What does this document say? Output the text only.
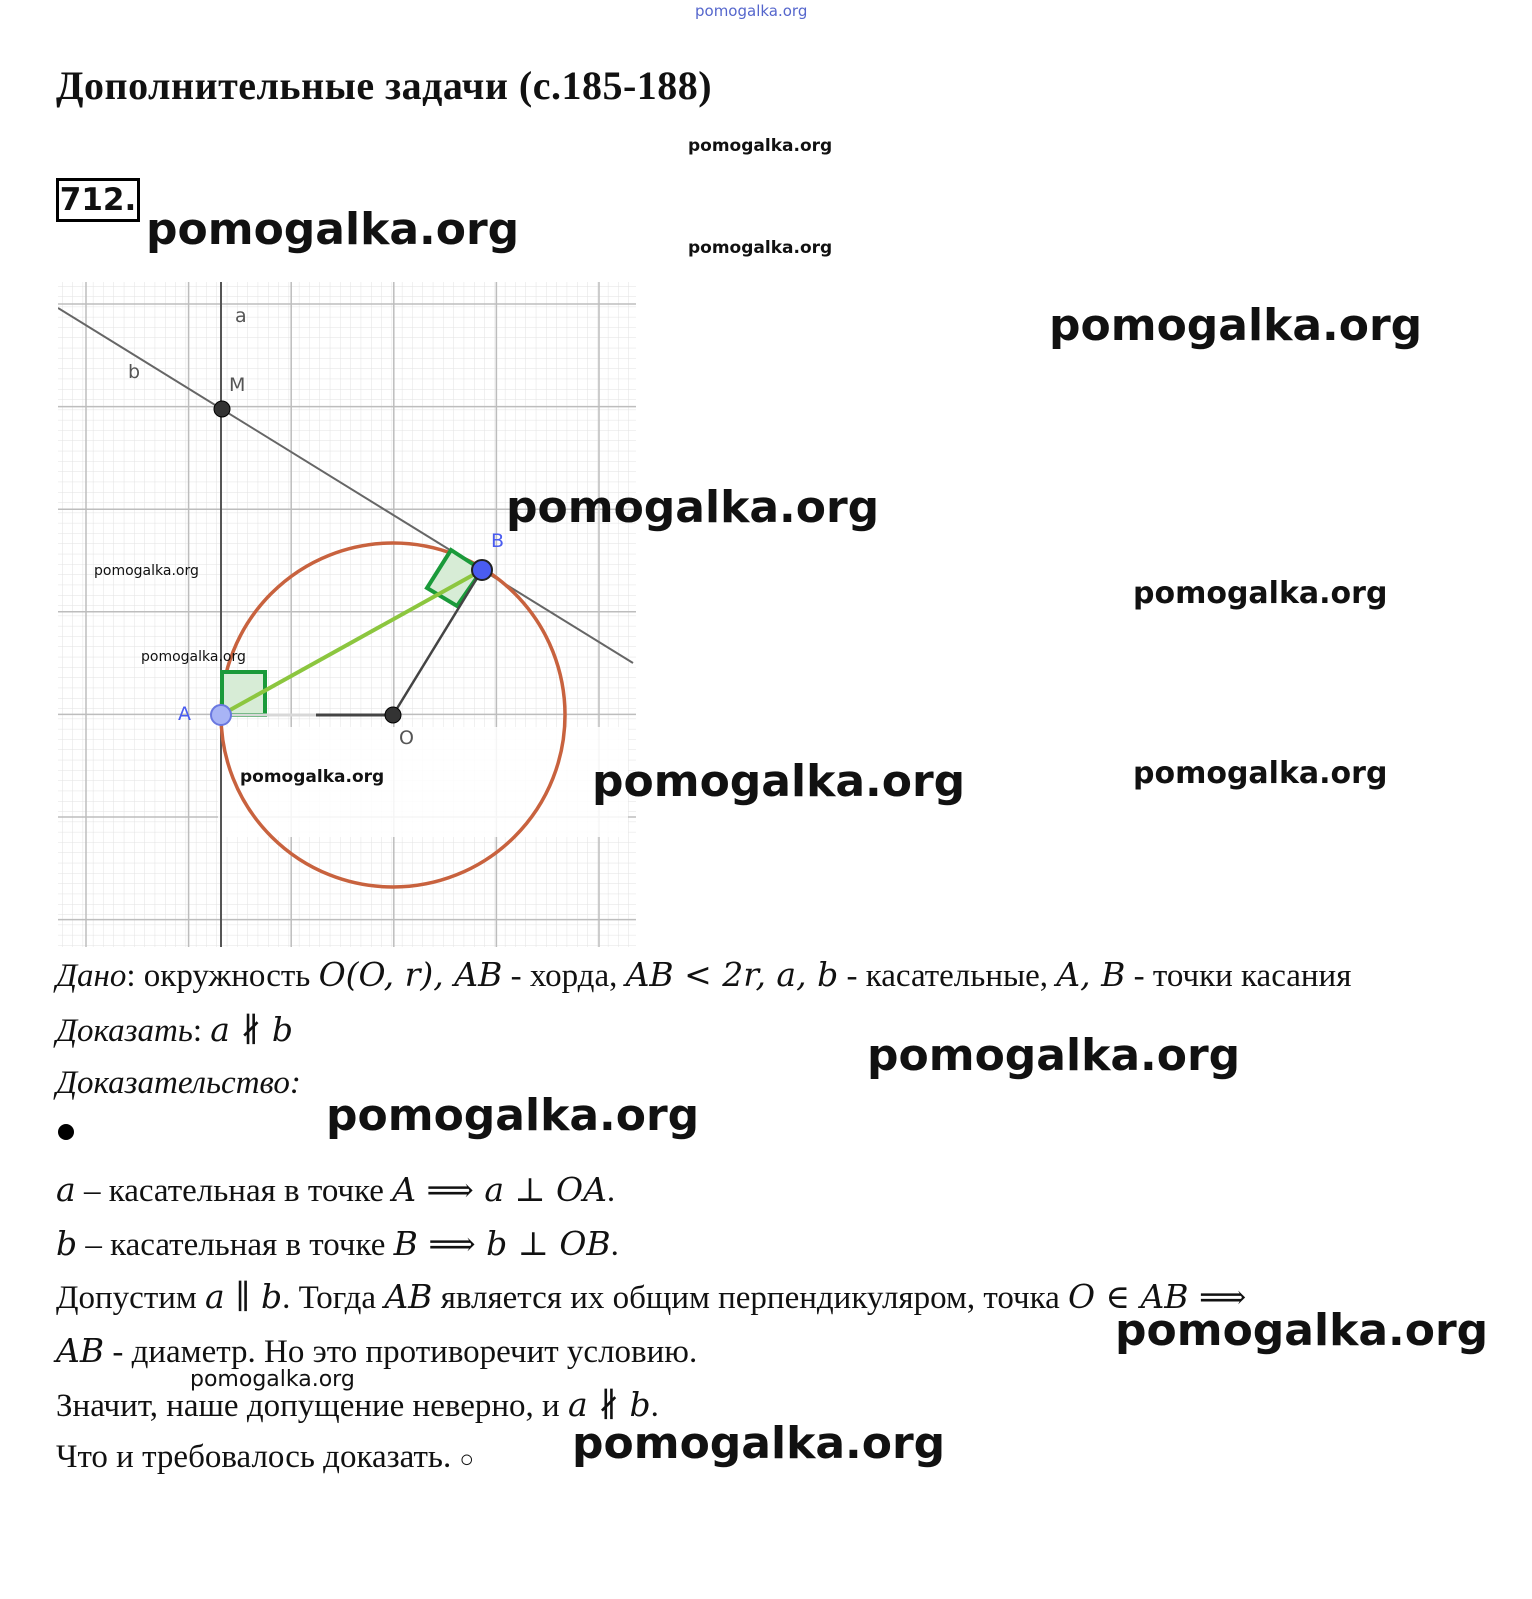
pomogalka.org
pomogalka.org
pomogalka.org	pomogalka.org
pomogalka.org
Дополнительные задачи (с.185-188)
712.
a
b
M
B
A
O
pomogalka.org
pomogalka.org
pomogalka.org
pomogalka.org
pomogalka.org	pomogalka.org	pomogalka.org
Дано: окружность O(O, r), AB - хорда, AB < 2r, a, b - касательные, A, B - точки касания
Доказать: a ∦ b
pomogalka.org
Доказательство:
pomogalka.org
a – касательная в точке A ⟹ a ⊥ OA.
b – касательная в точке B ⟹ b ⊥ OB.
Допустим a ∥ b. Тогда AB является их общим перпендикуляром, точка O ∈ AB ⟹
pomogalka.org
AB - диаметр. Но это противоречит условию.
pomogalka.org
Значит, наше допущение неверно, и a ∦ b.
Что и требовалось доказать. ○ pomogalka.org
